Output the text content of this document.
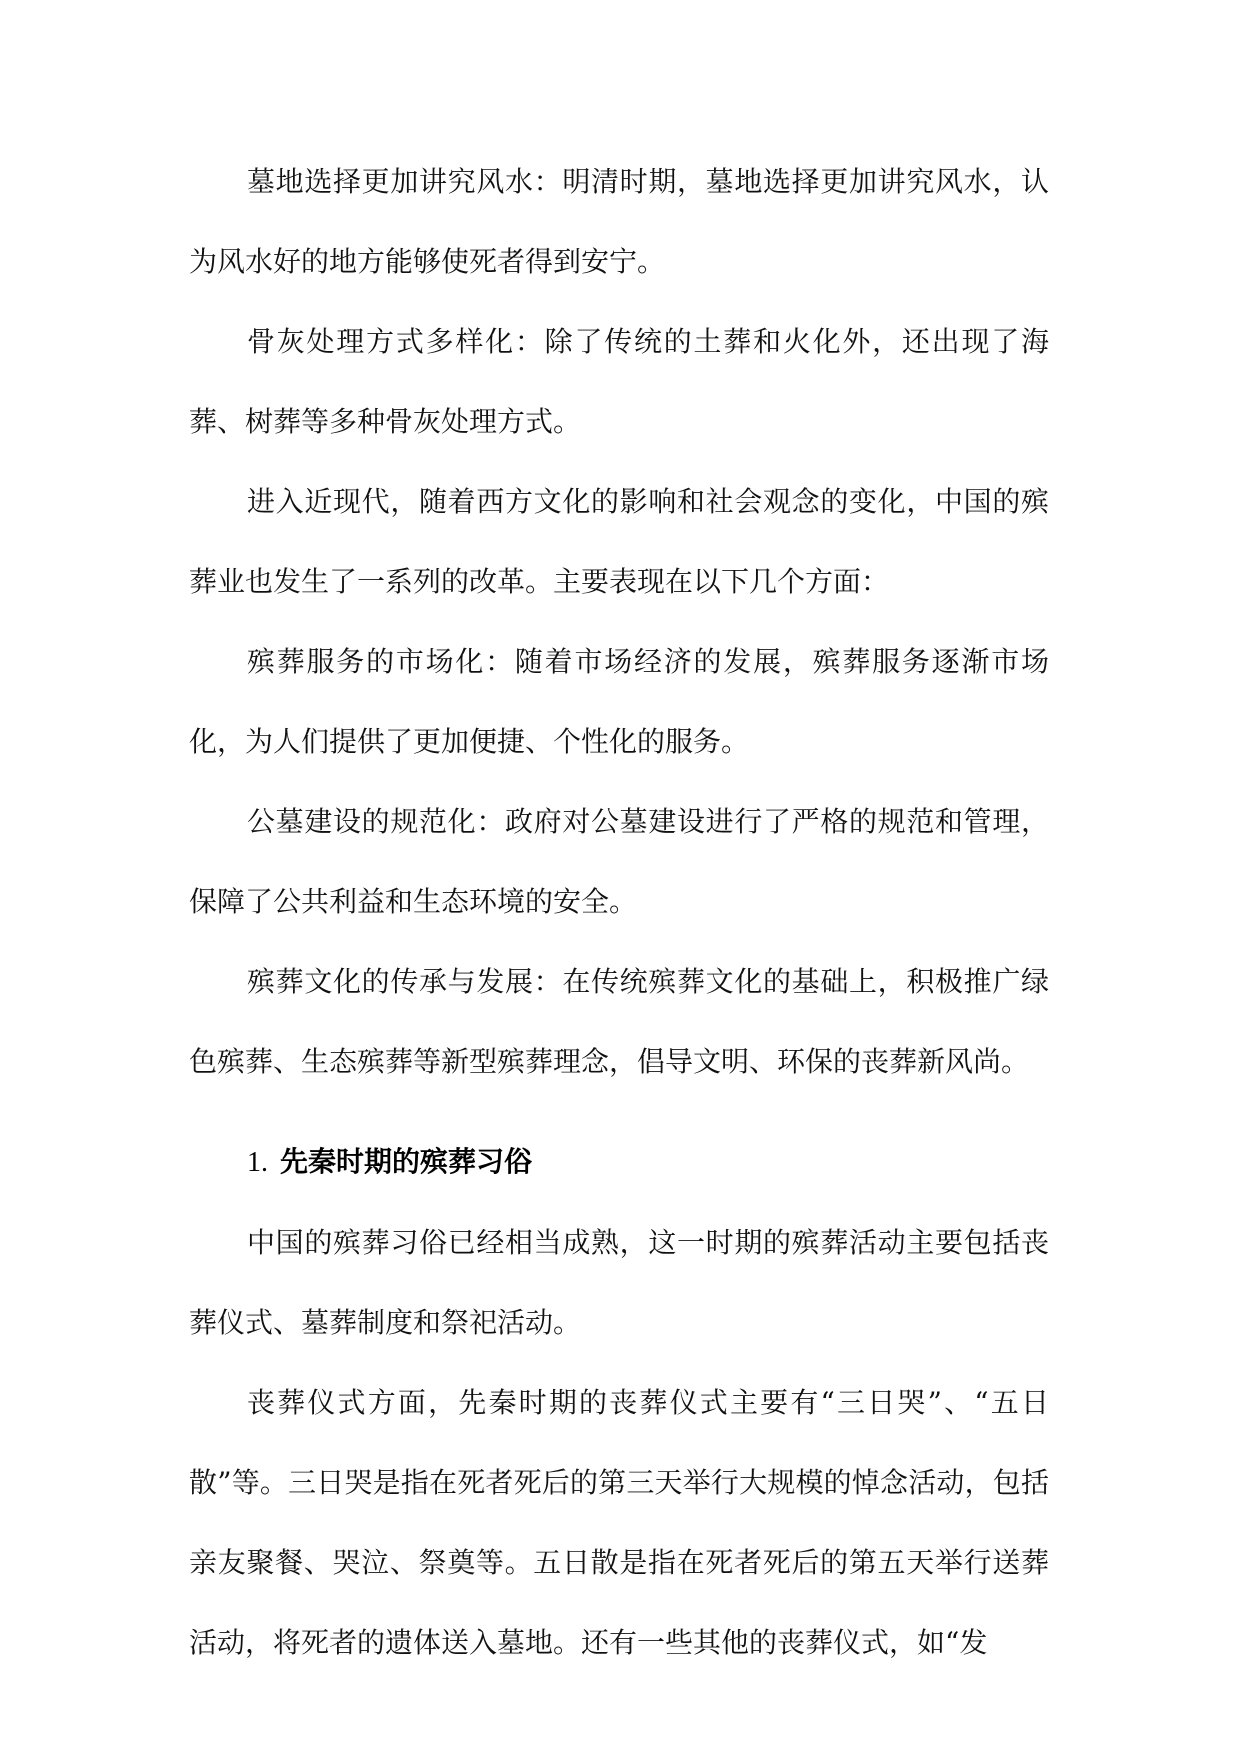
墓地选择更加讲究风水：明清时期，墓地选择更加讲究风水，认为风水好的地方能够使死者得到安宁。

骨灰处理方式多样化：除了传统的土葬和火化外，还出现了海葬、树葬等多种骨灰处理方式。

进入近现代，随着西方文化的影响和社会观念的变化，中国的殡葬业也发生了一系列的改革。主要表现在以下几个方面：

殡葬服务的市场化：随着市场经济的发展，殡葬服务逐渐市场化，为人们提供了更加便捷、个性化的服务。

公墓建设的规范化：政府对公墓建设进行了严格的规范和管理，保障了公共利益和生态环境的安全。

殡葬文化的传承与发展：在传统殡葬文化的基础上，积极推广绿色殡葬、生态殡葬等新型殡葬理念，倡导文明、环保的丧葬新风尚。

1. 先秦时期的殡葬习俗

中国的殡葬习俗已经相当成熟，这一时期的殡葬活动主要包括丧葬仪式、墓葬制度和祭祀活动。

丧葬仪式方面，先秦时期的丧葬仪式主要有“三日哭”、“五日散”等。三日哭是指在死者死后的第三天举行大规模的悼念活动，包括亲友聚餐、哭泣、祭奠等。五日散是指在死者死后的第五天举行送葬活动，将死者的遗体送入墓地。还有一些其他的丧葬仪式，如“发
